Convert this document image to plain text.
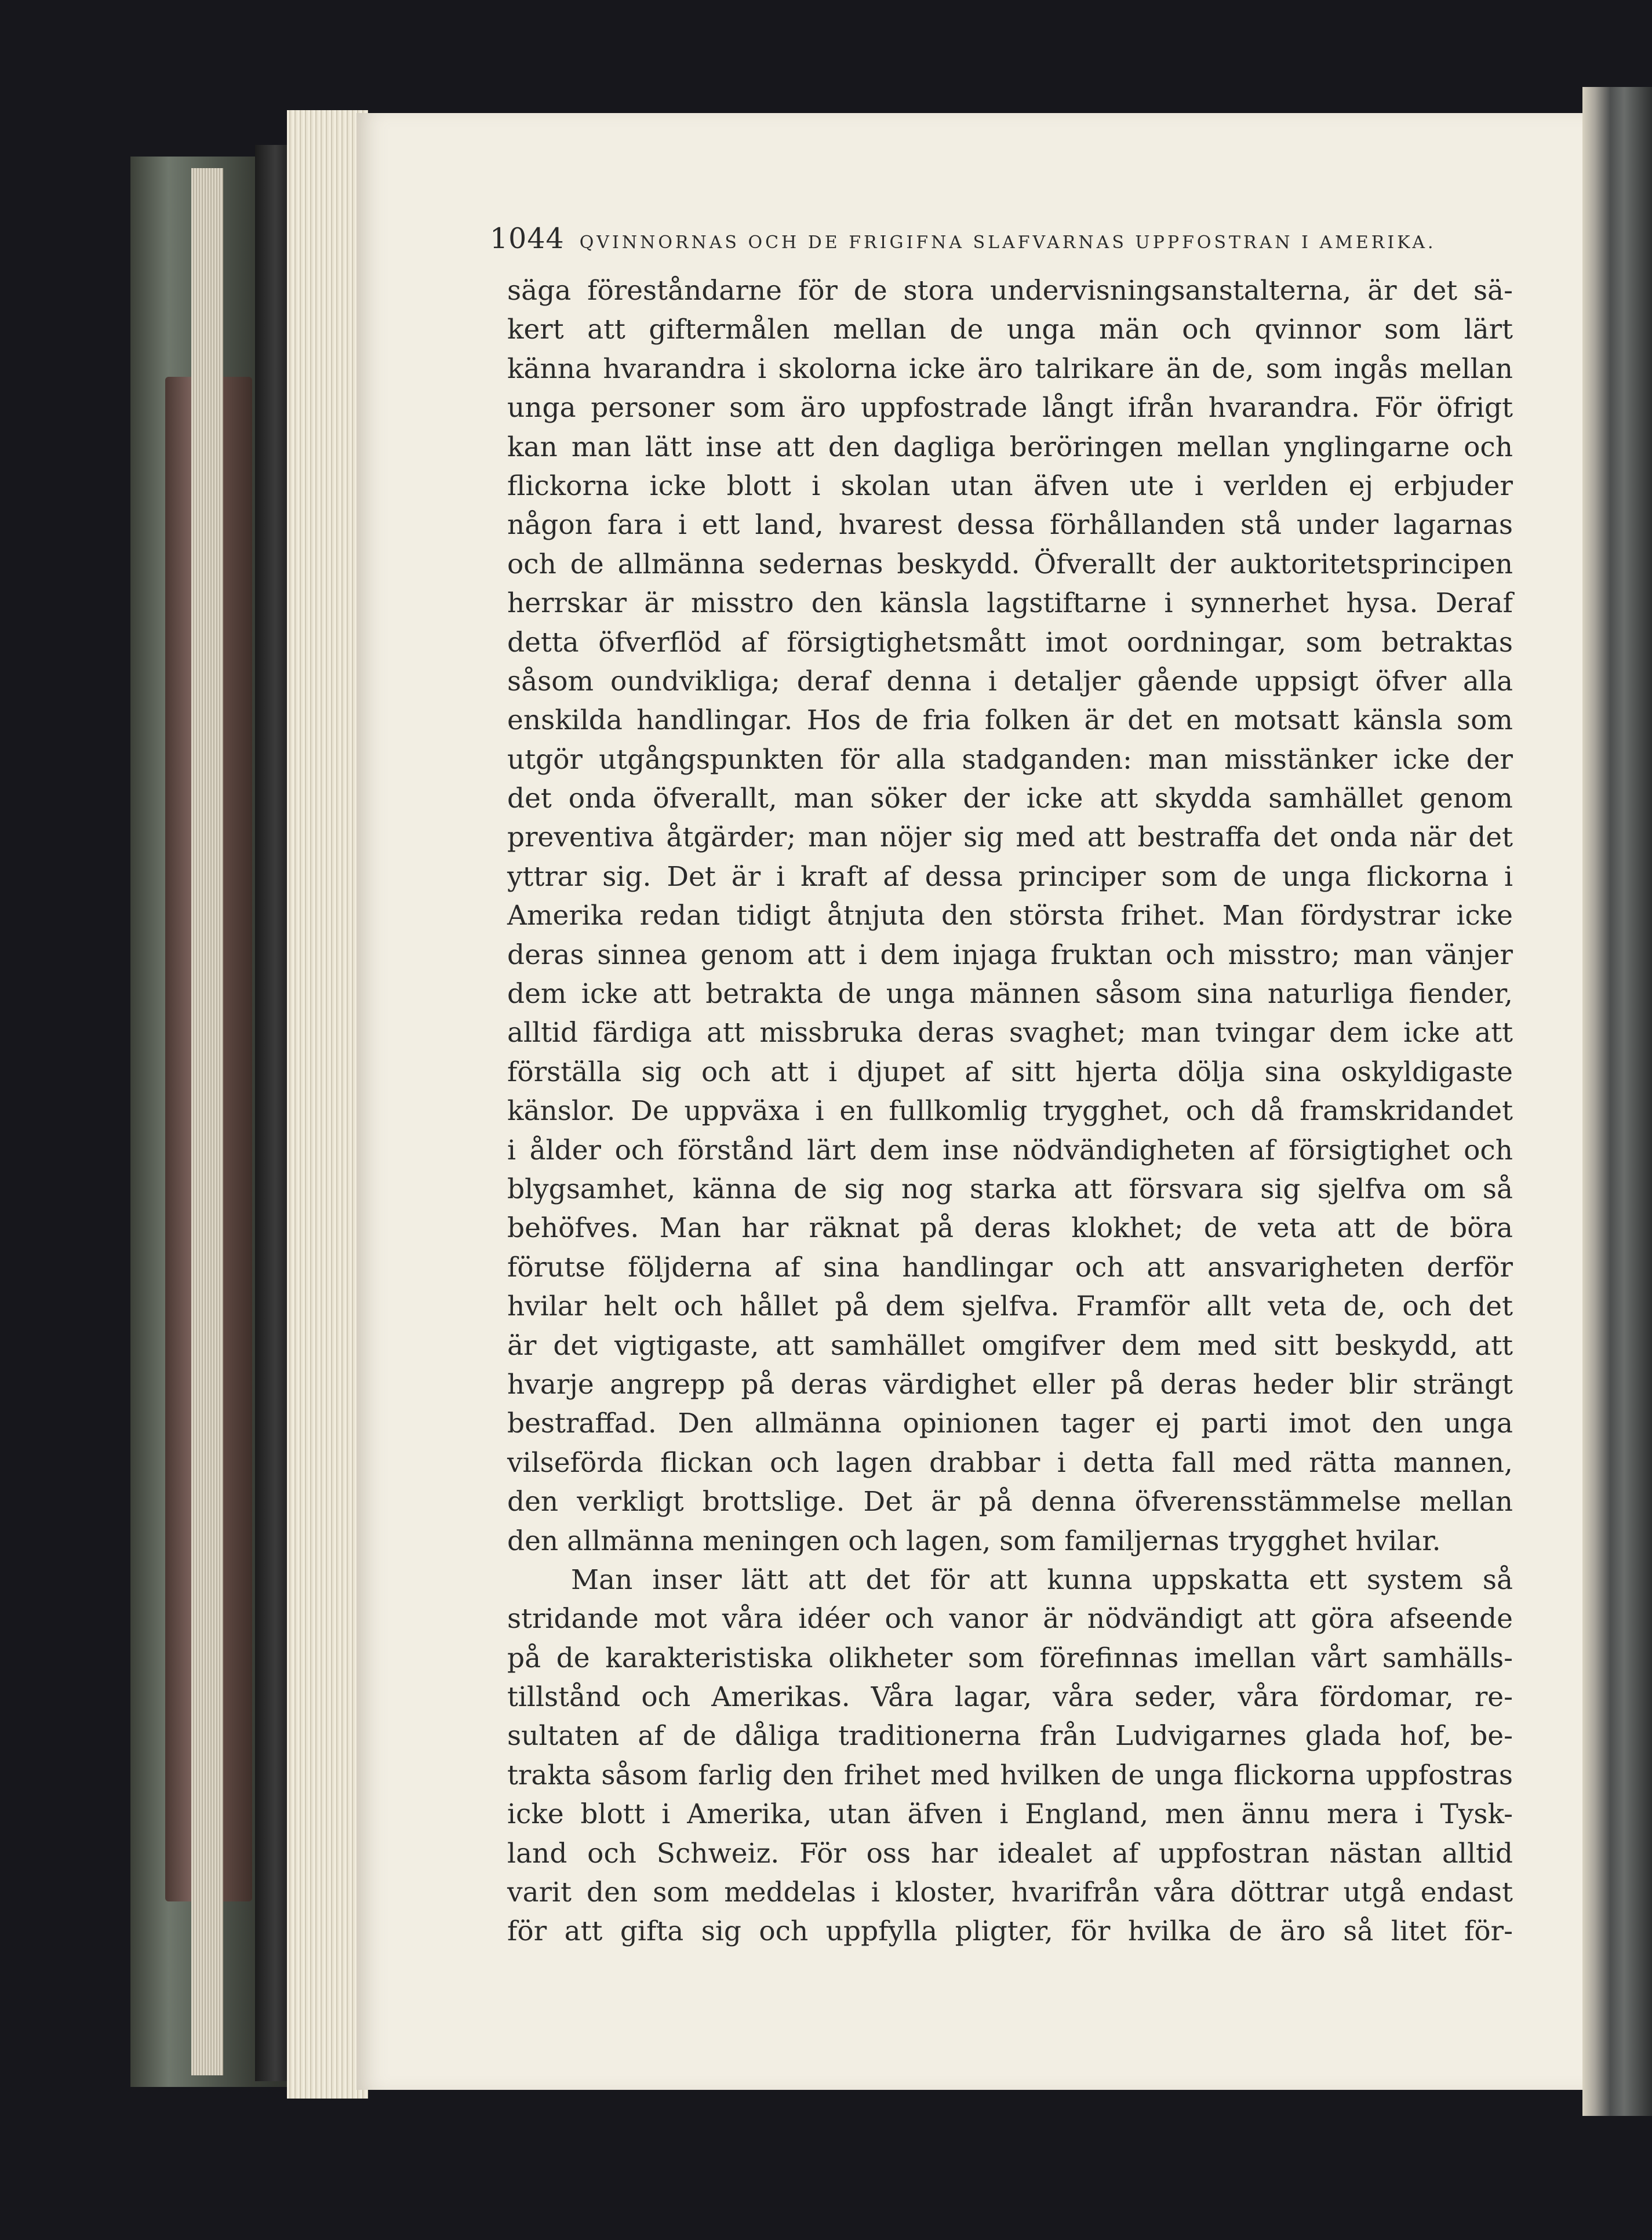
1044 QVINNORNAS OCH DE FRIGIFNA SLAFVARNAS UPPFOSTRAN I AMERIKA.
säga föreståndarne för de stora undervisningsanstalterna, är det sä-
kert att giftermålen mellan de unga män och qvinnor som lärt
känna hvarandra i skolorna icke äro talrikare än de, som ingås mellan
unga personer som äro uppfostrade långt ifrån hvarandra. För öfrigt
kan man lätt inse att den dagliga beröringen mellan ynglingarne och
flickorna icke blott i skolan utan äfven ute i verlden ej erbjuder
någon fara i ett land, hvarest dessa förhållanden stå under lagarnas
och de allmänna sedernas beskydd. Öfverallt der auktoritetsprincipen
herrskar är misstro den känsla lagstiftarne i synnerhet hysa. Deraf
detta öfverflöd af försigtighetsmått imot oordningar, som betraktas
såsom oundvikliga; deraf denna i detaljer gående uppsigt öfver alla
enskilda handlingar. Hos de fria folken är det en motsatt känsla som
utgör utgångspunkten för alla stadganden: man misstänker icke der
det onda öfverallt, man söker der icke att skydda samhället genom
preventiva åtgärder; man nöjer sig med att bestraffa det onda när det
yttrar sig. Det är i kraft af dessa principer som de unga flickorna i
Amerika redan tidigt åtnjuta den största frihet. Man fördystrar icke
deras sinnea genom att i dem injaga fruktan och misstro; man vänjer
dem icke att betrakta de unga männen såsom sina naturliga fiender,
alltid färdiga att missbruka deras svaghet; man tvingar dem icke att
förställa sig och att i djupet af sitt hjerta dölja sina oskyldigaste
känslor. De uppväxa i en fullkomlig trygghet, och då framskridandet
i ålder och förstånd lärt dem inse nödvändigheten af försigtighet och
blygsamhet, känna de sig nog starka att försvara sig sjelfva om så
behöfves. Man har räknat på deras klokhet; de veta att de böra
förutse följderna af sina handlingar och att ansvarigheten derför
hvilar helt och hållet på dem sjelfva. Framför allt veta de, och det
är det vigtigaste, att samhället omgifver dem med sitt beskydd, att
hvarje angrepp på deras värdighet eller på deras heder blir strängt
bestraffad. Den allmänna opinionen tager ej parti imot den unga
vilseförda flickan och lagen drabbar i detta fall med rätta mannen,
den verkligt brottslige. Det är på denna öfverensstämmelse mellan
den allmänna meningen och lagen, som familjernas trygghet hvilar.
Man inser lätt att det för att kunna uppskatta ett system så
stridande mot våra idéer och vanor är nödvändigt att göra afseende
på de karakteristiska olikheter som förefinnas imellan vårt samhälls-
tillstånd och Amerikas. Våra lagar, våra seder, våra fördomar, re-
sultaten af de dåliga traditionerna från Ludvigarnes glada hof, be-
trakta såsom farlig den frihet med hvilken de unga flickorna uppfostras
icke blott i Amerika, utan äfven i England, men ännu mera i Tysk-
land och Schweiz. För oss har idealet af uppfostran nästan alltid
varit den som meddelas i kloster, hvarifrån våra döttrar utgå endast
för att gifta sig och uppfylla pligter, för hvilka de äro så litet för-
